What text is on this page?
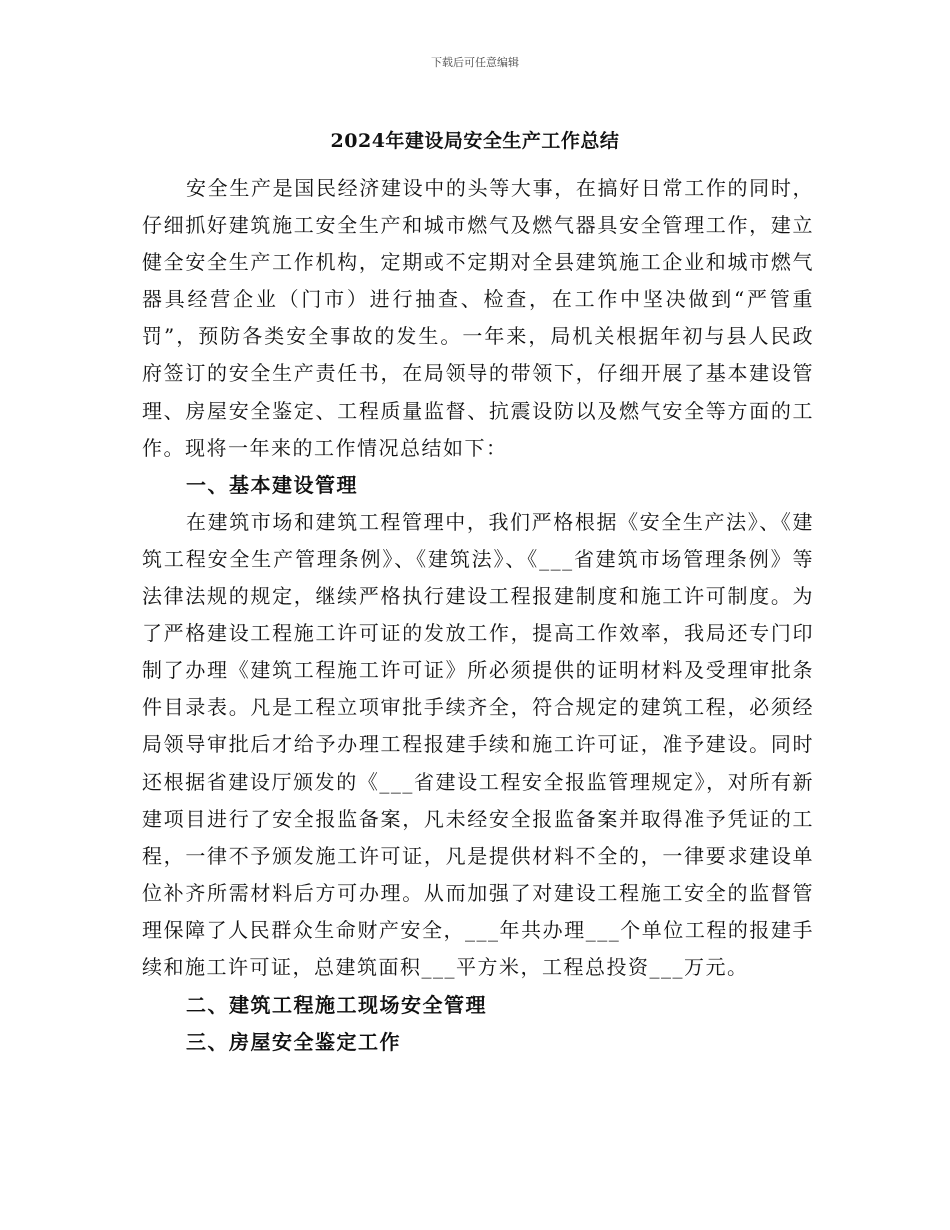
下载后可任意编辑
2024年建设局安全生产工作总结

安全生产是国民经济建设中的头等大事，在搞好日常工作的同时，仔细抓好建筑施工安全生产和城市燃气及燃气器具安全管理工作，建立健全安全生产工作机构，定期或不定期对全县建筑施工企业和城市燃气器具经营企业（门市）进行抽查、检查，在工作中坚决做到“严管重罚”，预防各类安全事故的发生。一年来，局机关根据年初与县人民政府签订的安全生产责任书，在局领导的带领下，仔细开展了基本建设管理、房屋安全鉴定、工程质量监督、抗震设防以及燃气安全等方面的工作。现将一年来的工作情况总结如下：

一、基本建设管理

在建筑市场和建筑工程管理中，我们严格根据《安全生产法》、《建筑工程安全生产管理条例》、《建筑法》、《___省建筑市场管理条例》等法律法规的规定，继续严格执行建设工程报建制度和施工许可制度。为了严格建设工程施工许可证的发放工作，提高工作效率，我局还专门印制了办理《建筑工程施工许可证》所必须提供的证明材料及受理审批条件目录表。凡是工程立项审批手续齐全，符合规定的建筑工程，必须经局领导审批后才给予办理工程报建手续和施工许可证，准予建设。同时还根据省建设厅颁发的《___省建设工程安全报监管理规定》，对所有新建项目进行了安全报监备案，凡未经安全报监备案并取得准予凭证的工程，一律不予颁发施工许可证，凡是提供材料不全的，一律要求建设单位补齐所需材料后方可办理。从而加强了对建设工程施工安全的监督管理保障了人民群众生命财产安全，___年共办理___个单位工程的报建手续和施工许可证，总建筑面积___平方米，工程总投资___万元。

二、建筑工程施工现场安全管理

三、房屋安全鉴定工作
